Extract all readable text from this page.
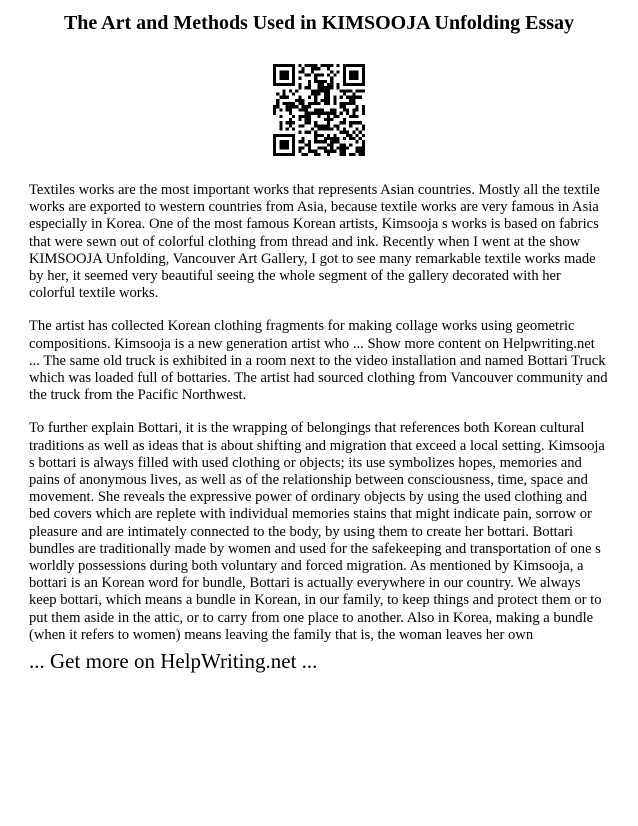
The Art and Methods Used in KIMSOOJA Unfolding Essay

Textiles works are the most important works that represents Asian countries. Mostly all the textile works are exported to western countries from Asia, because textile works are very famous in Asia especially in Korea. One of the most famous Korean artists, Kimsooja s works is based on fabrics that were sewn out of colorful clothing from thread and ink. Recently when I went at the show KIMSOOJA Unfolding, Vancouver Art Gallery, I got to see many remarkable textile works made by her, it seemed very beautiful seeing the whole segment of the gallery decorated with her colorful textile works.

The artist has collected Korean clothing fragments for making collage works using geometric compositions. Kimsooja is a new generation artist who ... Show more content on Helpwriting.net ... The same old truck is exhibited in a room next to the video installation and named Bottari Truck which was loaded full of bottaries. The artist had sourced clothing from Vancouver community and the truck from the Pacific Northwest.

To further explain Bottari, it is the wrapping of belongings that references both Korean cultural traditions as well as ideas that is about shifting and migration that exceed a local setting. Kimsooja s bottari is always filled with used clothing or objects; its use symbolizes hopes, memories and pains of anonymous lives, as well as of the relationship between consciousness, time, space and movement. She reveals the expressive power of ordinary objects by using the used clothing and bed covers which are replete with individual memories stains that might indicate pain, sorrow or pleasure and are intimately connected to the body, by using them to create her bottari. Bottari bundles are traditionally made by women and used for the safekeeping and transportation of one s worldly possessions during both voluntary and forced migration. As mentioned by Kimsooja, a bottari is an Korean word for bundle, Bottari is actually everywhere in our country. We always keep bottari, which means a bundle in Korean, in our family, to keep things and protect them or to put them aside in the attic, or to carry from one place to another. Also in Korea, making a bundle (when it refers to women) means leaving the family that is, the woman leaves her own

... Get more on HelpWriting.net ...
